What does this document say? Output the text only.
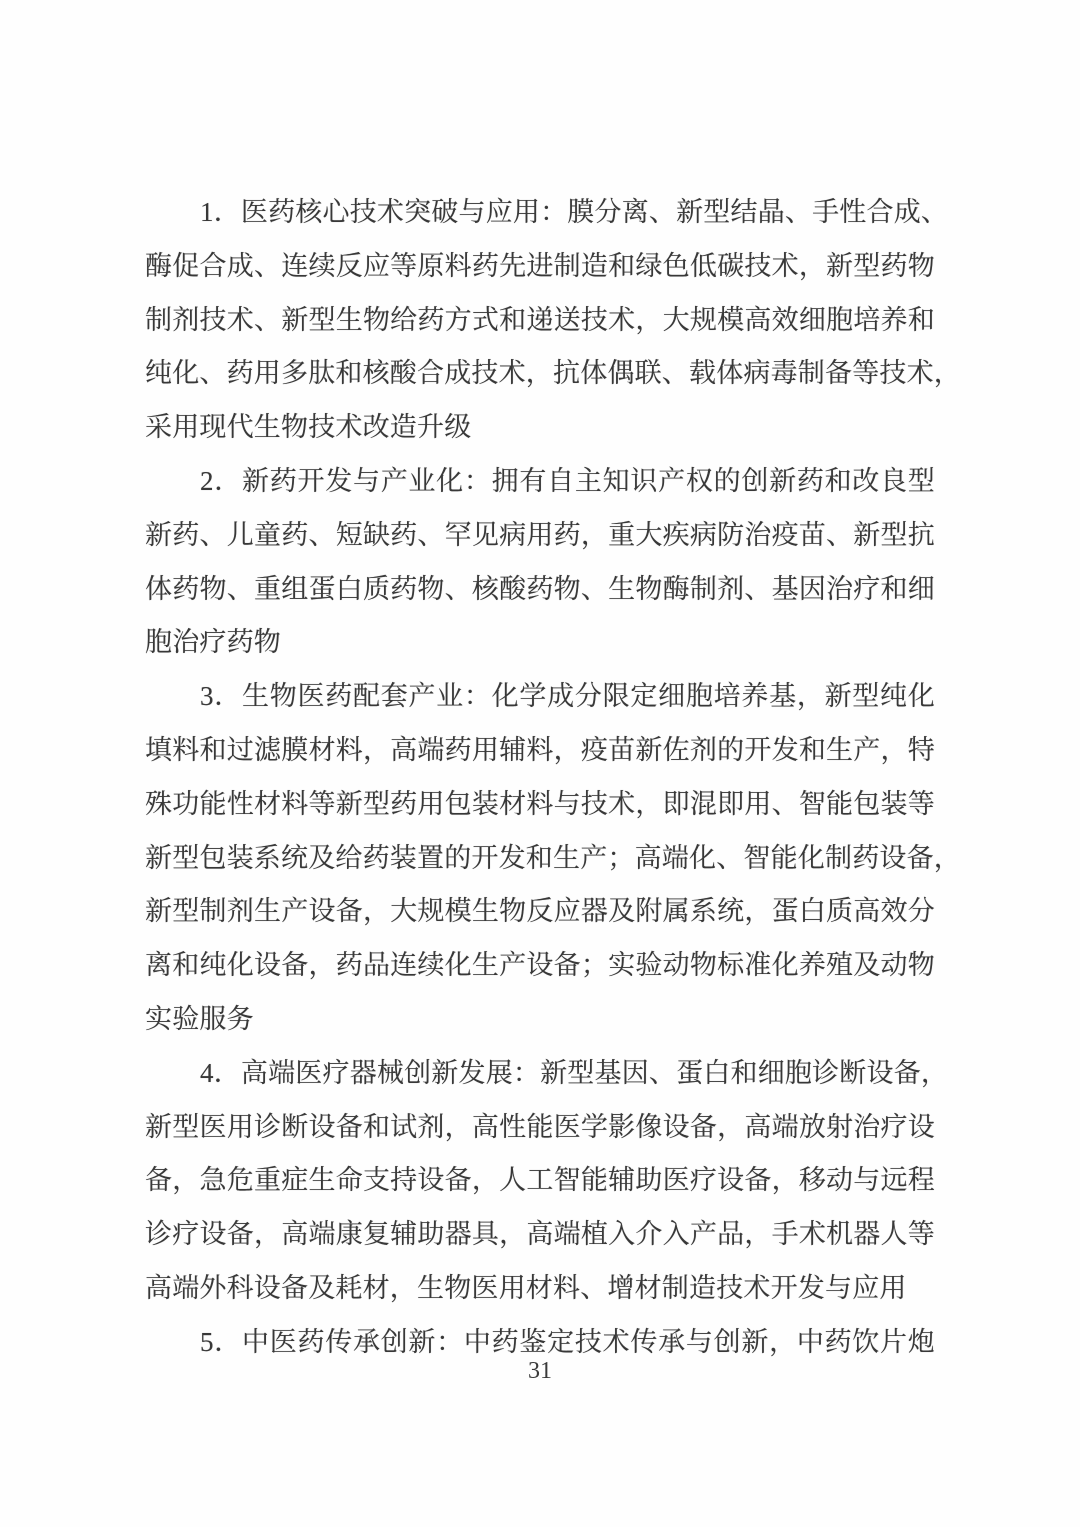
1．医药核心技术突破与应用：膜分离、新型结晶、手性合成、
酶促合成、连续反应等原料药先进制造和绿色低碳技术，新型药物
制剂技术、新型生物给药方式和递送技术，大规模高效细胞培养和
纯化、药用多肽和核酸合成技术，抗体偶联、载体病毒制备等技术，
采用现代生物技术改造升级
2．新药开发与产业化：拥有自主知识产权的创新药和改良型
新药、儿童药、短缺药、罕见病用药，重大疾病防治疫苗、新型抗
体药物、重组蛋白质药物、核酸药物、生物酶制剂、基因治疗和细
胞治疗药物
3．生物医药配套产业：化学成分限定细胞培养基，新型纯化
填料和过滤膜材料，高端药用辅料，疫苗新佐剂的开发和生产，特
殊功能性材料等新型药用包装材料与技术，即混即用、智能包装等
新型包装系统及给药装置的开发和生产；高端化、智能化制药设备，
新型制剂生产设备，大规模生物反应器及附属系统，蛋白质高效分
离和纯化设备，药品连续化生产设备；实验动物标准化养殖及动物
实验服务
4．高端医疗器械创新发展：新型基因、蛋白和细胞诊断设备，
新型医用诊断设备和试剂，高性能医学影像设备，高端放射治疗设
备，急危重症生命支持设备，人工智能辅助医疗设备，移动与远程
诊疗设备，高端康复辅助器具，高端植入介入产品，手术机器人等
高端外科设备及耗材，生物医用材料、增材制造技术开发与应用
5．中医药传承创新：中药鉴定技术传承与创新，中药饮片炮
31
